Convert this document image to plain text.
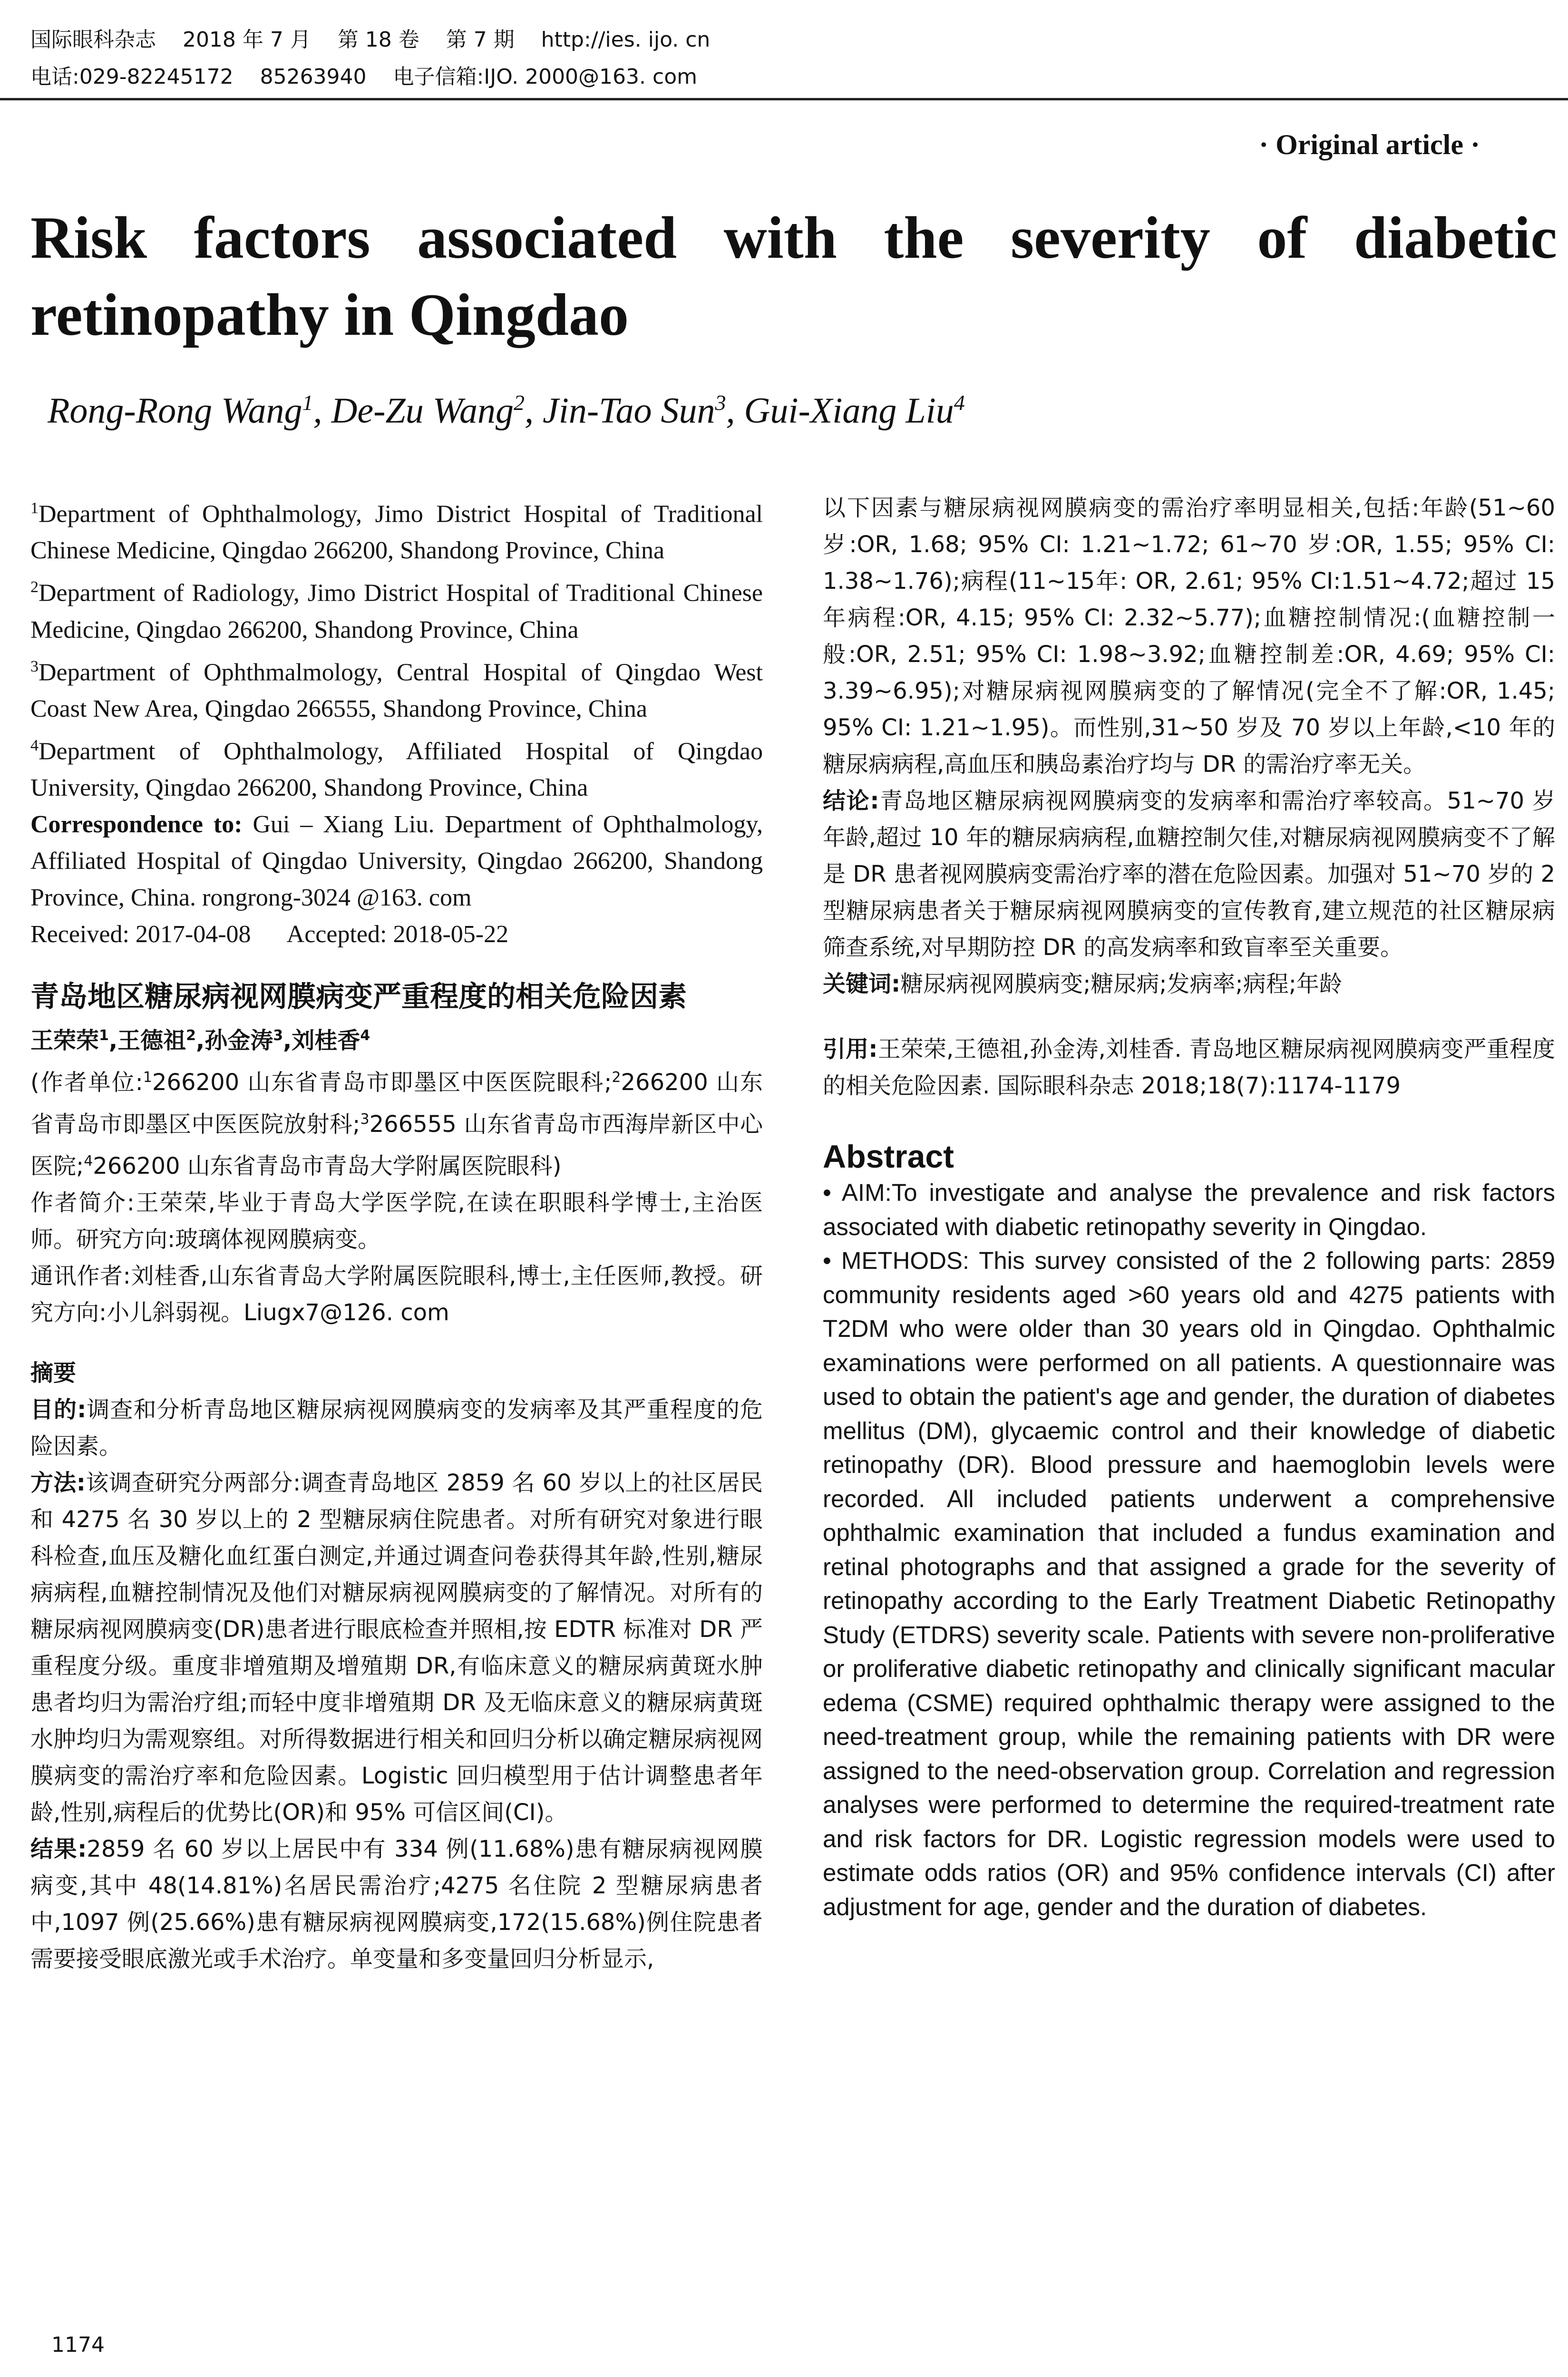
国际眼科杂志    2018 年 7 月    第 18 卷    第 7 期    http://ies. ijo. cn
电话:029-82245172    85263940    电子信箱:IJO. 2000@163. com
· Original article ·
Risk factors associated with the severity of diabetic retinopathy in Qingdao
Rong-Rong Wang$^1$, De-Zu Wang$^2$, Jin-Tao Sun$^3$, Gui-Xiang Liu$^4$

$^1$Department of Ophthalmology, Jimo District Hospital of Traditional Chinese Medicine, Qingdao 266200, Shandong Province, China

$^2$Department of Radiology, Jimo District Hospital of Traditional Chinese Medicine, Qingdao 266200, Shandong Province, China

$^3$Department of Ophthmalmology, Central Hospital of Qingdao West Coast New Area, Qingdao 266555, Shandong Province, China

$^4$Department of Ophthalmology, Affiliated Hospital of Qingdao University, Qingdao 266200, Shandong Province, China

Correspondence to: Gui – Xiang Liu. Department of Ophthalmology, Affiliated Hospital of Qingdao University, Qingdao 266200, Shandong Province, China. rongrong-3024 @163. com

Received: 2017-04-08 Accepted: 2018-05-22

青岛地区糖尿病视网膜病变严重程度的相关危险因素

王荣荣$^1$,王德祖$^2$,孙金涛$^3$,刘桂香$^4$

(作者单位:$^1$266200 山东省青岛市即墨区中医医院眼科;$^2$266200 山东省青岛市即墨区中医医院放射科;$^3$266555 山东省青岛市西海岸新区中心医院;$^4$266200 山东省青岛市青岛大学附属医院眼科)

作者简介:王荣荣,毕业于青岛大学医学院,在读在职眼科学博士,主治医师。研究方向:玻璃体视网膜病变。

通讯作者:刘桂香,山东省青岛大学附属医院眼科,博士,主任医师,教授。研究方向:小儿斜弱视。Liugx7@126. com

摘要

目的:调查和分析青岛地区糖尿病视网膜病变的发病率及其严重程度的危险因素。

方法:该调查研究分两部分:调查青岛地区 2859 名 60 岁以上的社区居民和 4275 名 30 岁以上的 2 型糖尿病住院患者。对所有研究对象进行眼科检查,血压及糖化血红蛋白测定,并通过调查问卷获得其年龄,性别,糖尿病病程,血糖控制情况及他们对糖尿病视网膜病变的了解情况。对所有的糖尿病视网膜病变(DR)患者进行眼底检查并照相,按 EDTR 标准对 DR 严重程度分级。重度非增殖期及增殖期 DR,有临床意义的糖尿病黄斑水肿患者均归为需治疗组;而轻中度非增殖期 DR 及无临床意义的糖尿病黄斑水肿均归为需观察组。对所得数据进行相关和回归分析以确定糖尿病视网膜病变的需治疗率和危险因素。Logistic 回归模型用于估计调整患者年龄,性别,病程后的优势比(OR)和 95% 可信区间(CI)。

结果:2859 名 60 岁以上居民中有 334 例(11.68%)患有糖尿病视网膜病变,其中 48(14.81%)名居民需治疗;4275 名住院 2 型糖尿病患者中,1097 例(25.66%)患有糖尿病视网膜病变,172(15.68%)例住院患者需要接受眼底激光或手术治疗。单变量和多变量回归分析显示,

以下因素与糖尿病视网膜病变的需治疗率明显相关,包括:年龄(51~60 岁:OR, 1.68; 95% CI: 1.21~1.72; 61~70 岁:OR, 1.55; 95% CI: 1.38~1.76);病程(11~15年: OR, 2.61; 95% CI:1.51~4.72;超过 15 年病程:OR, 4.15; 95% CI: 2.32~5.77);血糖控制情况:(血糖控制一般:OR, 2.51; 95% CI: 1.98~3.92;血糖控制差:OR, 4.69; 95% CI: 3.39~6.95);对糖尿病视网膜病变的了解情况(完全不了解:OR, 1.45; 95% CI: 1.21~1.95)。而性别,31~50 岁及 70 岁以上年龄,<10 年的糖尿病病程,高血压和胰岛素治疗均与 DR 的需治疗率无关。

结论:青岛地区糖尿病视网膜病变的发病率和需治疗率较高。51~70 岁年龄,超过 10 年的糖尿病病程,血糖控制欠佳,对糖尿病视网膜病变不了解是 DR 患者视网膜病变需治疗率的潜在危险因素。加强对 51~70 岁的 2 型糖尿病患者关于糖尿病视网膜病变的宣传教育,建立规范的社区糖尿病筛查系统,对早期防控 DR 的高发病率和致盲率至关重要。

关键词:糖尿病视网膜病变;糖尿病;发病率;病程;年龄

引用:王荣荣,王德祖,孙金涛,刘桂香. 青岛地区糖尿病视网膜病变严重程度的相关危险因素. 国际眼科杂志 2018;18(7):1174-1179

Abstract

• AIM:To investigate and analyse the prevalence and risk factors associated with diabetic retinopathy severity in Qingdao.

• METHODS: This survey consisted of the 2 following parts: 2859 community residents aged >60 years old and 4275 patients with T2DM who were older than 30 years old in Qingdao. Ophthalmic examinations were performed on all patients. A questionnaire was used to obtain the patient's age and gender, the duration of diabetes mellitus (DM), glycaemic control and their knowledge of diabetic retinopathy (DR). Blood pressure and haemoglobin levels were recorded. All included patients underwent a comprehensive ophthalmic examination that included a fundus examination and retinal photographs and that assigned a grade for the severity of retinopathy according to the Early Treatment Diabetic Retinopathy Study (ETDRS) severity scale. Patients with severe non-proliferative or proliferative diabetic retinopathy and clinically significant macular edema (CSME) required ophthalmic therapy were assigned to the need-treatment group, while the remaining patients with DR were assigned to the need-observation group. Correlation and regression analyses were performed to determine the required-treatment rate and risk factors for DR. Logistic regression models were used to estimate odds ratios (OR) and 95% confidence intervals (CI) after adjustment for age, gender and the duration of diabetes.

1174
